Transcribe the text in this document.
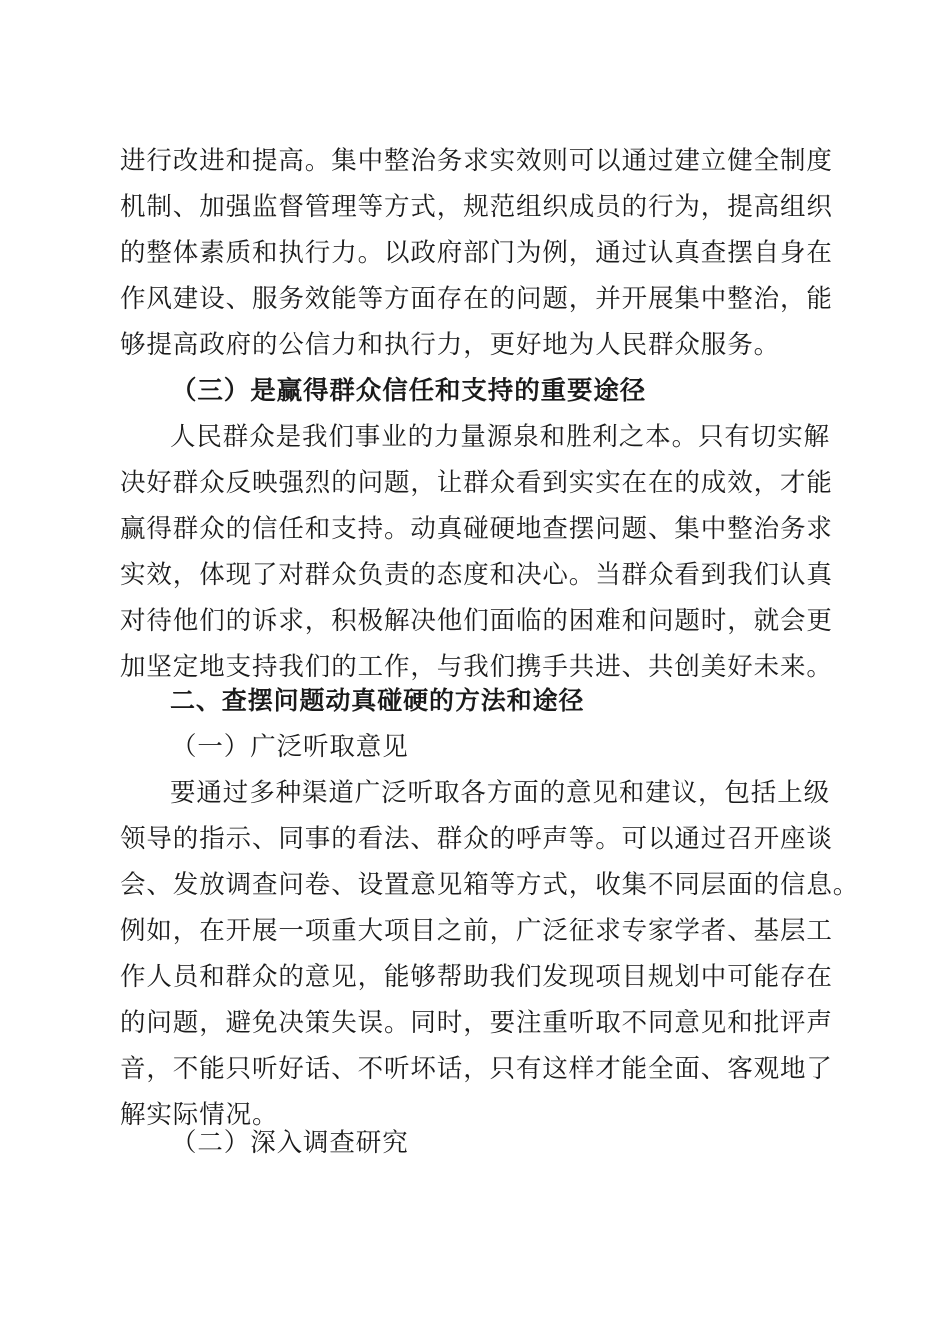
进行改进和提高。集中整治务求实效则可以通过建立健全制度
机制、加强监督管理等方式，规范组织成员的行为，提高组织
的整体素质和执行力。以政府部门为例，通过认真查摆自身在
作风建设、服务效能等方面存在的问题，并开展集中整治，能
够提高政府的公信力和执行力，更好地为人民群众服务。
（三）是赢得群众信任和支持的重要途径
人民群众是我们事业的力量源泉和胜利之本。只有切实解
决好群众反映强烈的问题，让群众看到实实在在的成效，才能
赢得群众的信任和支持。动真碰硬地查摆问题、集中整治务求
实效，体现了对群众负责的态度和决心。当群众看到我们认真
对待他们的诉求，积极解决他们面临的困难和问题时，就会更
加坚定地支持我们的工作，与我们携手共进、共创美好未来。
二、查摆问题动真碰硬的方法和途径
（一）广泛听取意见
要通过多种渠道广泛听取各方面的意见和建议，包括上级
领导的指示、同事的看法、群众的呼声等。可以通过召开座谈
会、发放调查问卷、设置意见箱等方式，收集不同层面的信息。
例如，在开展一项重大项目之前，广泛征求专家学者、基层工
作人员和群众的意见，能够帮助我们发现项目规划中可能存在
的问题，避免决策失误。同时，要注重听取不同意见和批评声
音，不能只听好话、不听坏话，只有这样才能全面、客观地了
解实际情况。
（二）深入调查研究
